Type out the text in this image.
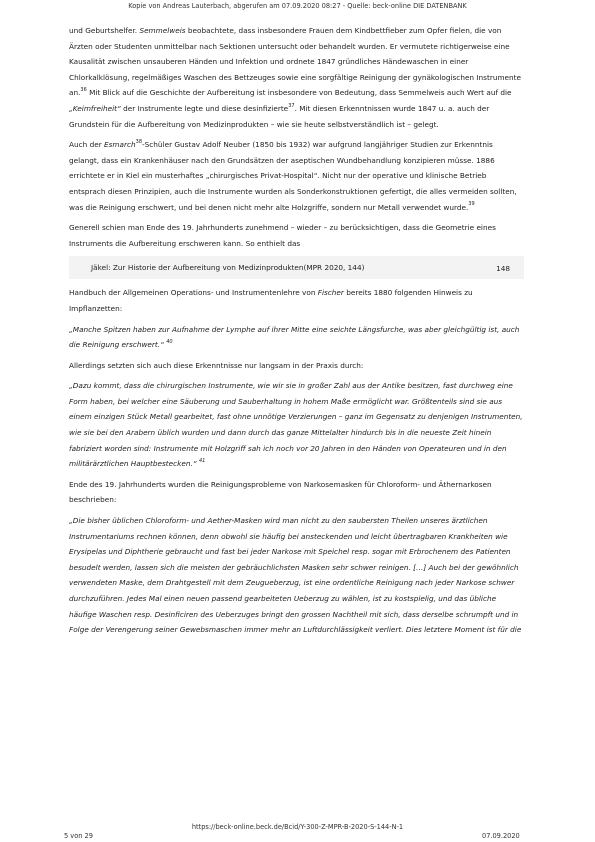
Kopie von Andreas Lauterbach, abgerufen am 07.09.2020 08:27 - Quelle: beck-online DIE DATENBANK

und Geburtshelfer. Semmelweis beobachtete, dass insbesondere Frauen dem Kindbettfieber zum Opfer fielen, die von Ärzten oder Studenten unmittelbar nach Sektionen untersucht oder behandelt wurden. Er vermutete richtigerweise eine Kausalität zwischen unsauberen Händen und Infektion und ordnete 1847 gründliches Händewaschen in einer Chlorkalklösung, regelmäßiges Waschen des Bettzeuges sowie eine sorgfältige Reinigung der gynäkologischen Instrumente an.$^{36}$ Mit Blick auf die Geschichte der Aufbereitung ist insbesondere von Bedeutung, dass Semmelweis auch Wert auf die „Keimfreiheit“ der Instrumente legte und diese desinfizierte$^{37}$. Mit diesen Erkenntnissen wurde 1847 u. a. auch der Grundstein für die Aufbereitung von Medizinprodukten – wie sie heute selbstverständlich ist – gelegt.

Auch der Esmarch$^{38}$-Schüler Gustav Adolf Neuber (1850 bis 1932) war aufgrund langjähriger Studien zur Erkenntnis gelangt, dass ein Krankenhäuser nach den Grundsätzen der aseptischen Wundbehandlung konzipieren müsse. 1886 errichtete er in Kiel ein musterhaftes „chirurgisches Privat-Hospital“. Nicht nur der operative und klinische Betrieb entsprach diesen Prinzipien, auch die Instrumente wurden als Sonderkonstruktionen gefertigt, die alles vermeiden sollten, was die Reinigung erschwert, und bei denen nicht mehr alte Holzgriffe, sondern nur Metall verwendet wurde.$^{39}$

Generell schien man Ende des 19. Jahrhunderts zunehmend – wieder – zu berücksichtigen, dass die Geometrie eines Instruments die Aufbereitung erschweren kann. So enthielt das

Jäkel: Zur Historie der Aufbereitung von Medizinprodukten(MPR 2020, 144)	148

Handbuch der Allgemeinen Operations- und Instrumentenlehre von Fischer bereits 1880 folgenden Hinweis zu Impflanzetten:

„Manche Spitzen haben zur Aufnahme der Lymphe auf ihrer Mitte eine seichte Längsfurche, was aber gleichgültig ist, auch die Reinigung erschwert.“ $^{40}$

Allerdings setzten sich auch diese Erkenntnisse nur langsam in der Praxis durch:

„Dazu kommt, dass die chirurgischen Instrumente, wie wir sie in großer Zahl aus der Antike besitzen, fast durchweg eine Form haben, bei welcher eine Säuberung und Sauberhaltung in hohem Maße ermöglicht war. Größtenteils sind sie aus einem einzigen Stück Metall gearbeitet, fast ohne unnötige Verzierungen – ganz im Gegensatz zu denjenigen Instrumenten, wie sie bei den Arabern üblich wurden und dann durch das ganze Mittelalter hindurch bis in die neueste Zeit hinein fabriziert worden sind: Instrumente mit Holzgriff sah ich noch vor 20 Jahren in den Händen von Operateuren und in den militärärztlichen Hauptbestecken.“ $^{41}$

Ende des 19. Jahrhunderts wurden die Reinigungsprobleme von Narkosemasken für Chloroform- und Äthernarkosen beschrieben:

„Die bisher üblichen Chloroform- und Aether-Masken wird man nicht zu den saubersten Theilen unseres ärztlichen Instrumentariums rechnen können, denn obwohl sie häufig bei ansteckenden und leicht übertragbaren Krankheiten wie Erysipelas und Diphtherie gebraucht und fast bei jeder Narkose mit Speichel resp. sogar mit Erbrochenem des Patienten besudelt werden, lassen sich die meisten der gebräuchlichsten Masken sehr schwer reinigen. […] Auch bei der gewöhnlich verwendeten Maske, dem Drahtgestell mit dem Zeugueberzug, ist eine ordentliche Reinigung nach jeder Narkose schwer durchzuführen. Jedes Mal einen neuen passend gearbeiteten Ueberzug zu wählen, ist zu kostspielig, und das übliche häufige Waschen resp. Desinficiren des Ueberzuges bringt den grossen Nachtheil mit sich, dass derselbe schrumpft und in Folge der Verengerung seiner Gewebsmaschen immer mehr an Luftdurchlässigkeit verliert. Dies letztere Moment ist für die

https://beck-online.beck.de/Bcid/Y-300-Z-MPR-B-2020-S-144-N-1
5 von 29	07.09.2020
